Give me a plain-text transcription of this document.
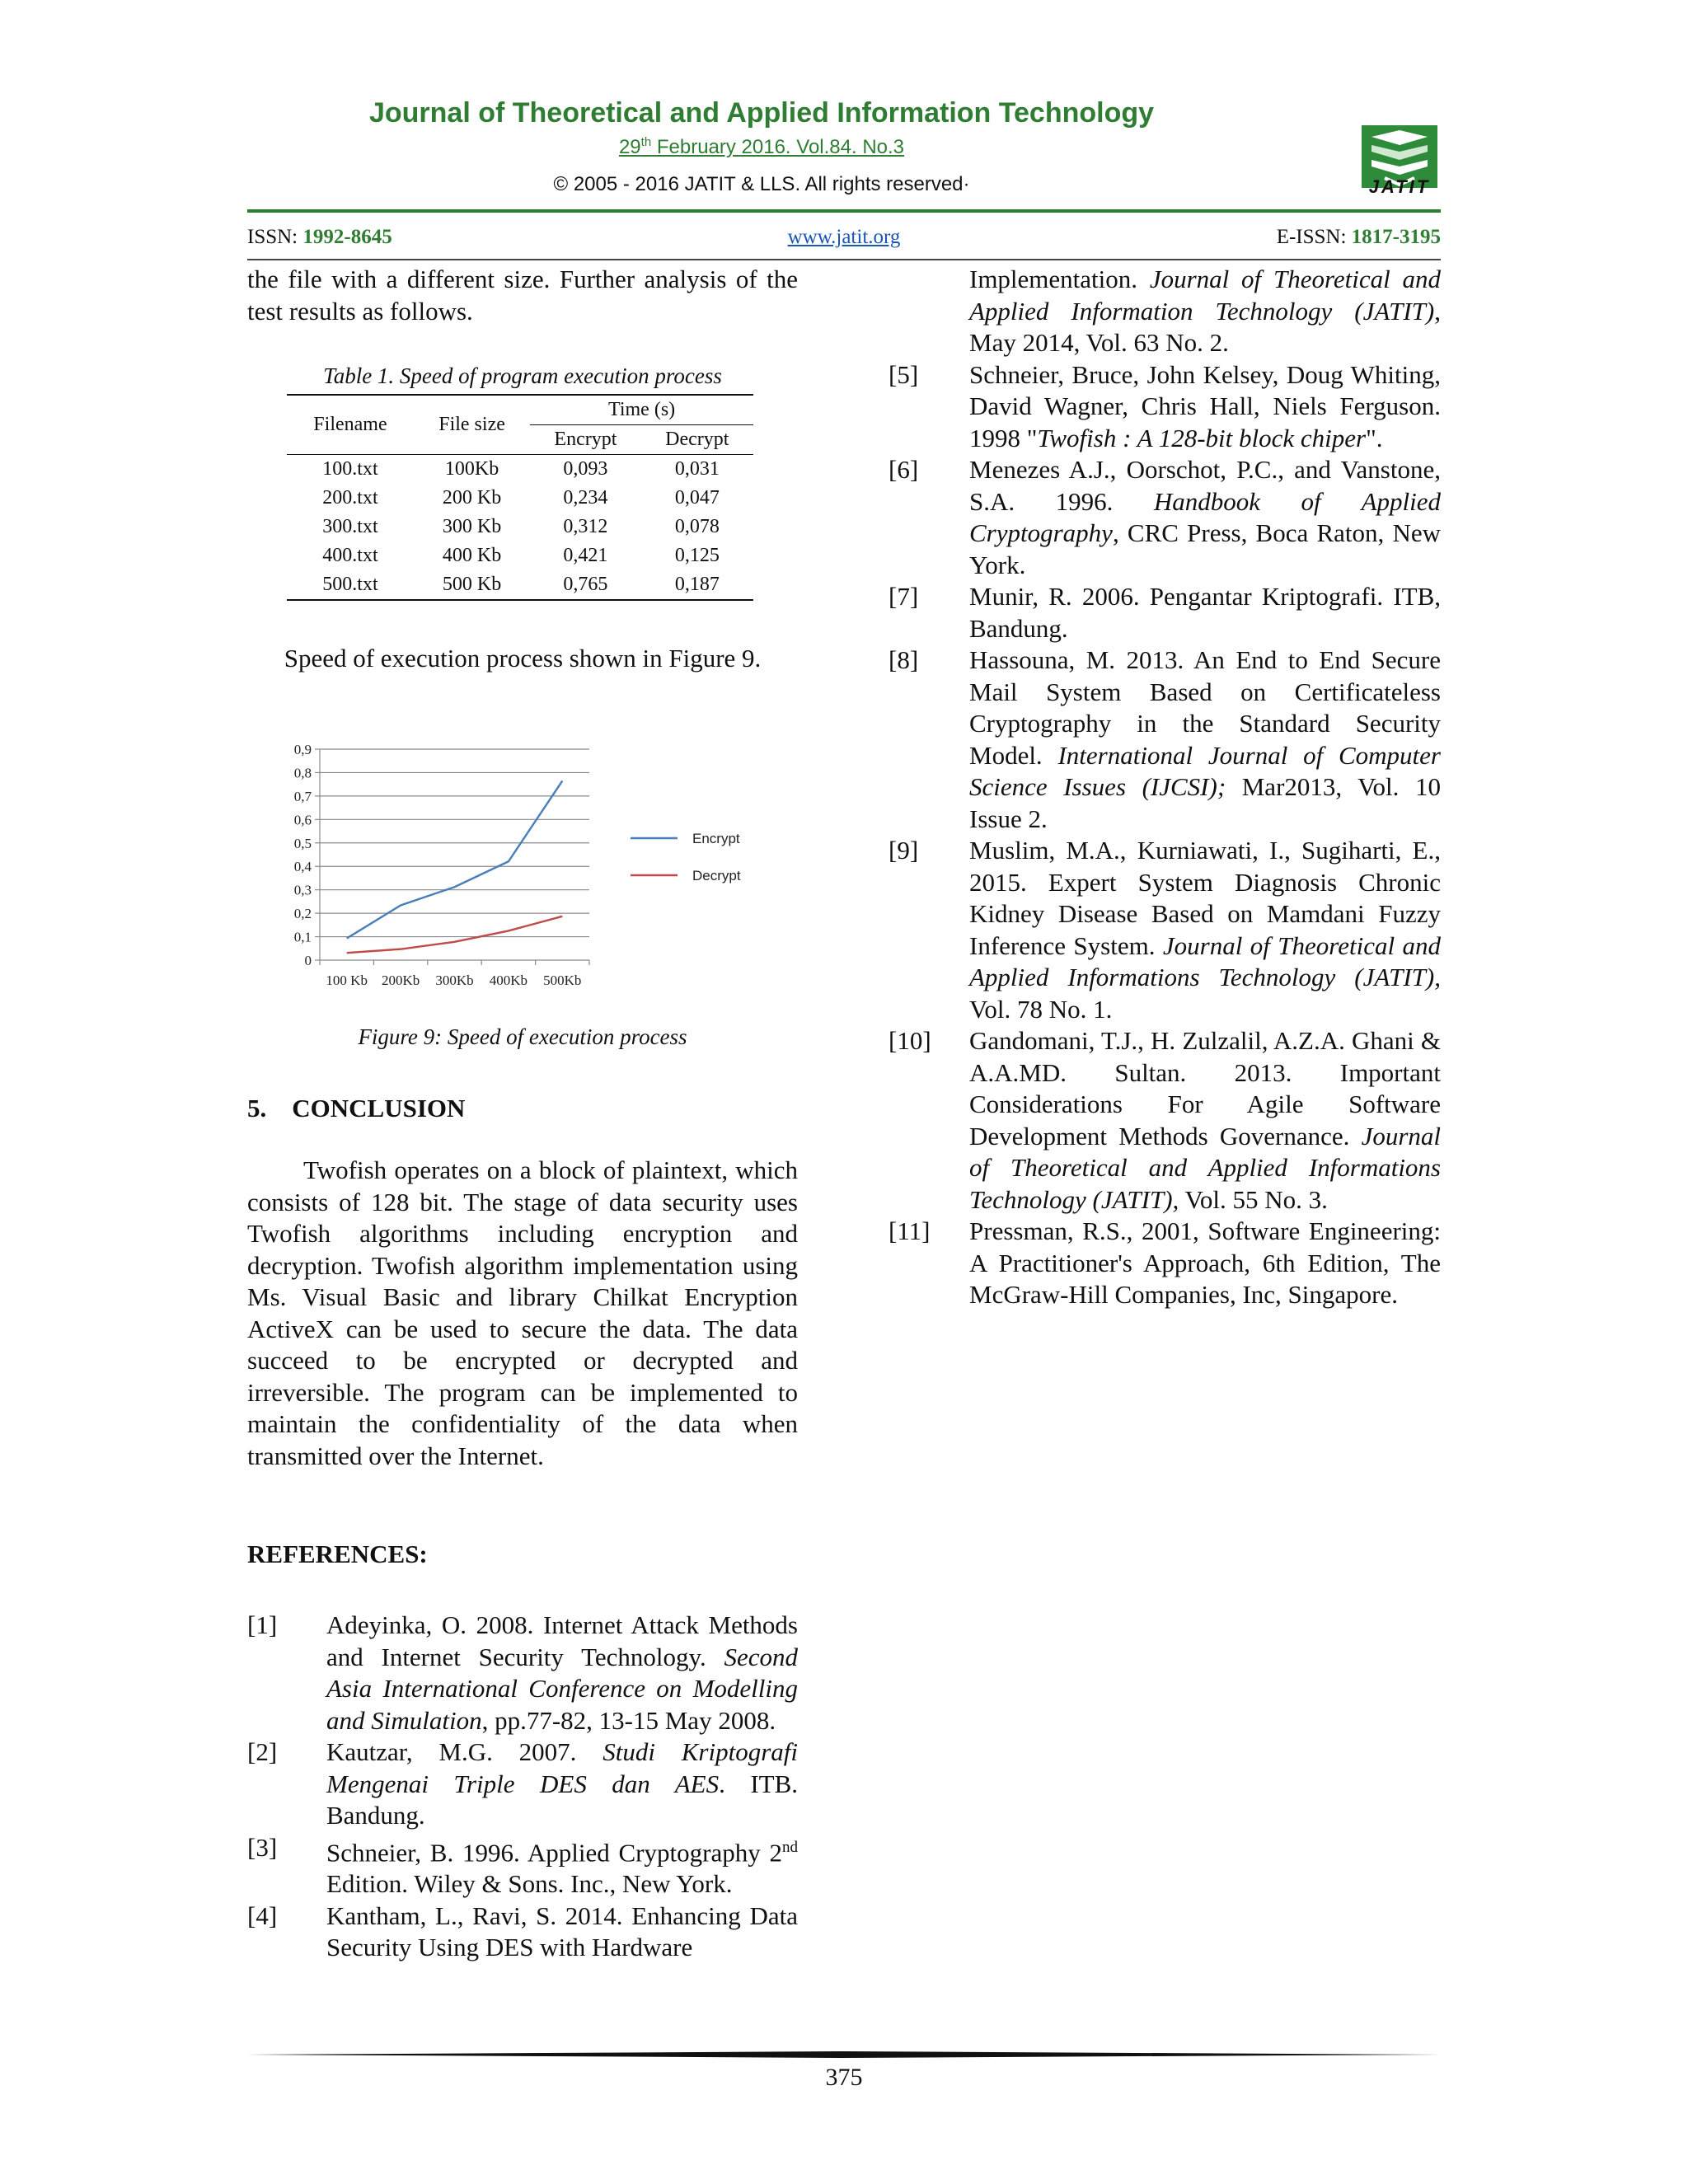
Journal of Theoretical and Applied Information Technology
29th February 2016. Vol.84. No.3
© 2005 - 2016 JATIT & LLS. All rights reserved·	JATIT
ISSN: 1992-8645	www.jatit.org	E-ISSN: 1817-3195

the file with a different size. Further analysis of the test results as follows.

Table 1. Speed of program execution process
Filename	File size	Time (s)	
		Encrypt	Decrypt
100.txt	100Kb	0,093	0,031
200.txt	200 Kb	0,234	0,047
300.txt	300 Kb	0,312	0,078
400.txt	400 Kb	0,421	0,125
500.txt	500 Kb	0,765	0,187
Speed of execution process shown in Figure 9.
0
0,1
0,2
0,3
0,4
0,5
0,6
0,7
0,8
0,9
100 Kb 200Kb 300Kb 400Kb 500Kb
Encrypt
Decrypt
Figure 9: Speed of execution process
5.    CONCLUSION
Twofish operates on a block of plaintext, which consists of 128 bit. The stage of data security uses Twofish algorithms including encryption and decryption. Twofish algorithm implementation using Ms. Visual Basic and library Chilkat Encryption ActiveX can be used to secure the data. The data succeed to be encrypted or decrypted and irreversible. The program can be implemented to maintain the confidentiality of the data when transmitted over the Internet.
REFERENCES:
[1] Adeyinka, O. 2008. Internet Attack Methods and Internet Security Technology. Second Asia International Conference on Modelling and Simulation, pp.77-82, 13-15 May 2008.
[2] Kautzar, M.G. 2007. Studi Kriptografi Mengenai Triple DES dan AES. ITB. Bandung.
[3] Schneier, B. 1996. Applied Cryptography 2nd Edition. Wiley & Sons. Inc., New York.
[4] Kantham, L., Ravi, S. 2014. Enhancing Data Security Using DES with Hardware
Implementation. Journal of Theoretical and Applied Information Technology (JATIT), May 2014, Vol. 63 No. 2.
[5] Schneier, Bruce, John Kelsey, Doug Whiting, David Wagner, Chris Hall, Niels Ferguson. 1998 "Twofish : A 128-bit block chiper".
[6] Menezes A.J., Oorschot, P.C., and Vanstone, S.A. 1996. Handbook of Applied Cryptography, CRC Press, Boca Raton, New York.
[7] Munir, R. 2006. Pengantar Kriptografi. ITB, Bandung.
[8] Hassouna, M. 2013. An End to End Secure Mail System Based on Certificateless Cryptography in the Standard Security Model. International Journal of Computer Science Issues (IJCSI); Mar2013, Vol. 10 Issue 2.
[9] Muslim, M.A., Kurniawati, I., Sugiharti, E., 2015. Expert System Diagnosis Chronic Kidney Disease Based on Mamdani Fuzzy Inference System. Journal of Theoretical and Applied Informations Technology (JATIT), Vol. 78 No. 1.
[10] Gandomani, T.J., H. Zulzalil, A.Z.A. Ghani & A.A.MD. Sultan. 2013. Important Considerations For Agile Software Development Methods Governance. Journal of Theoretical and Applied Informations Technology (JATIT), Vol. 55 No. 3.
[11] Pressman, R.S., 2001, Software Engineering: A Practitioner's Approach, 6th Edition, The McGraw-Hill Companies, Inc, Singapore.
375
